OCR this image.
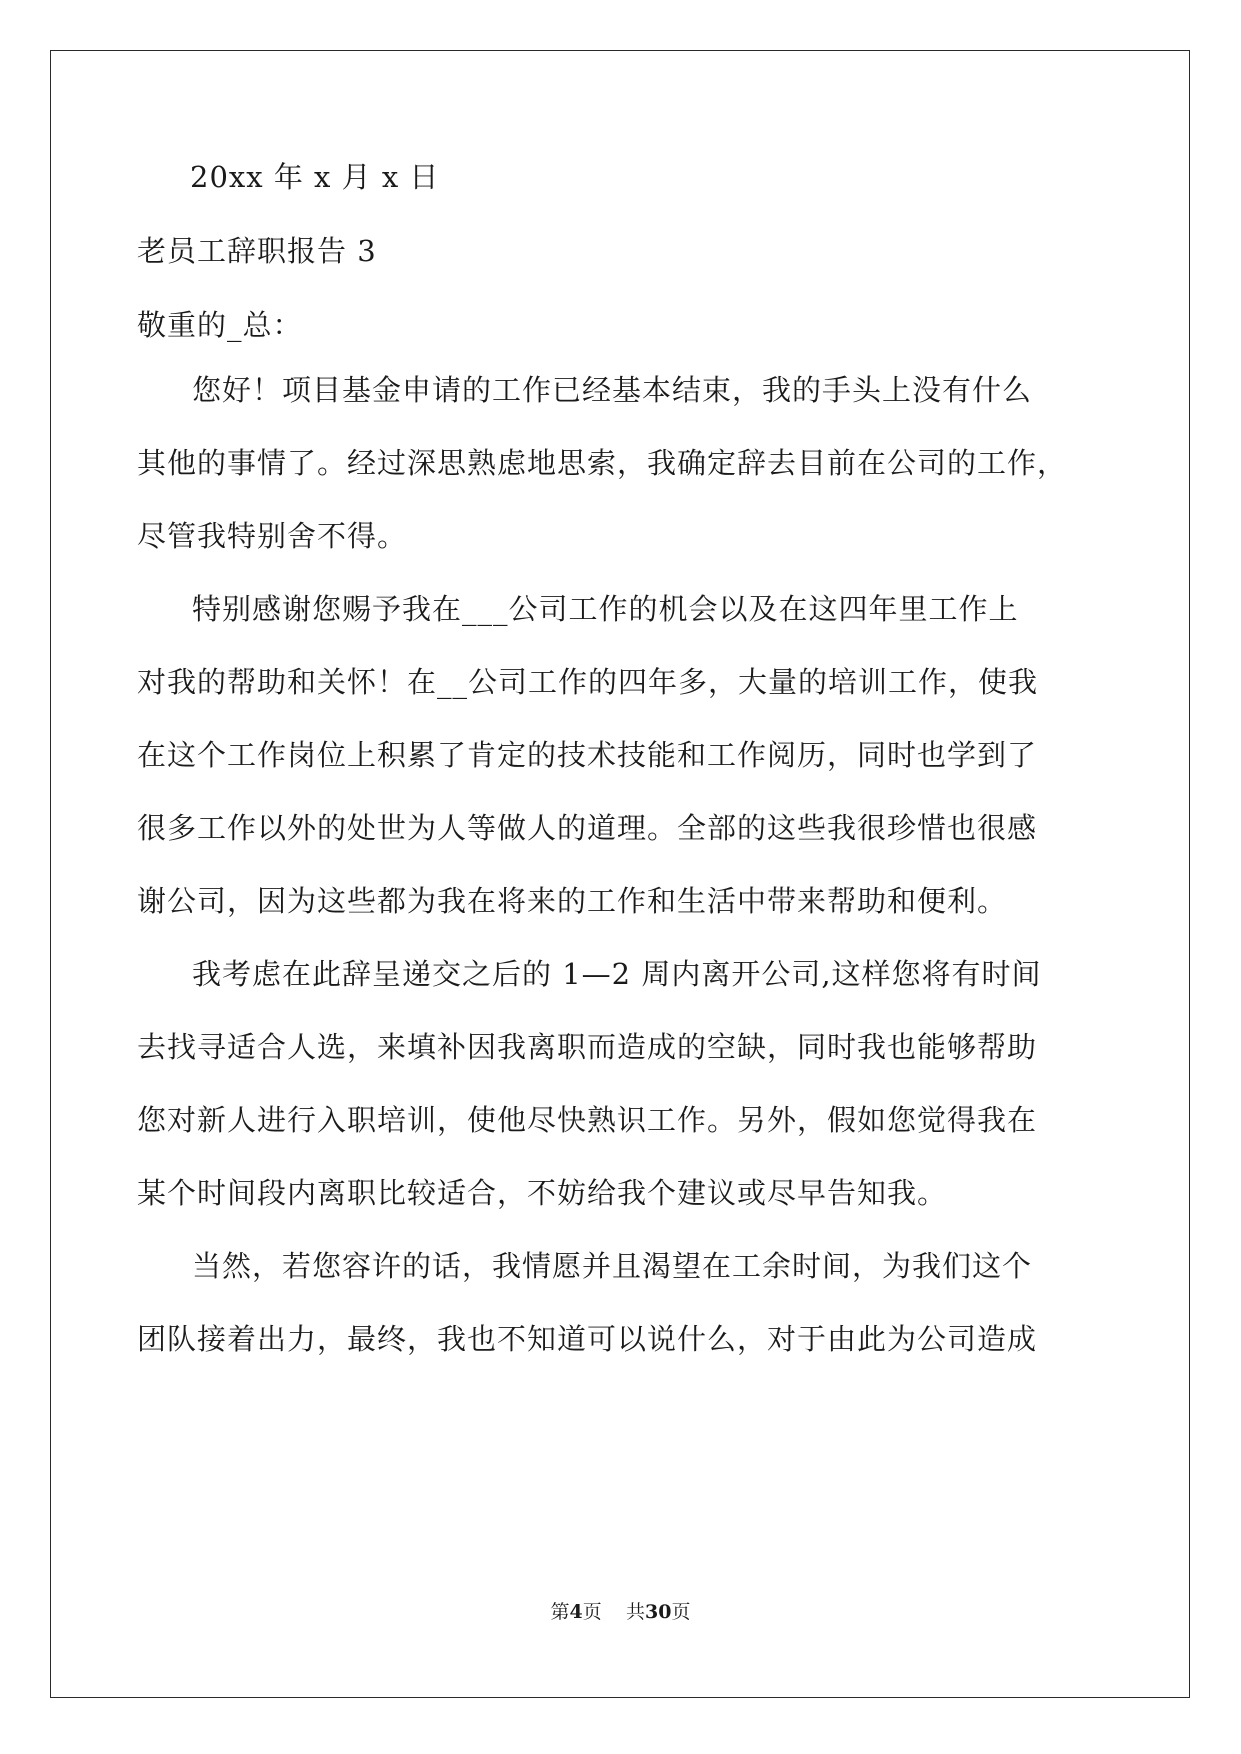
20xx 年 x 月 x 日

老员工辞职报告 3

敬重的_总：

您好！项目基金申请的工作已经基本结束，我的手头上没有什么

其他的事情了。经过深思熟虑地思索，我确定辞去目前在公司的工作，

尽管我特别舍不得。

特别感谢您赐予我在___公司工作的机会以及在这四年里工作上

对我的帮助和关怀！在__公司工作的四年多，大量的培训工作，使我

在这个工作岗位上积累了肯定的技术技能和工作阅历，同时也学到了

很多工作以外的处世为人等做人的道理。全部的这些我很珍惜也很感

谢公司，因为这些都为我在将来的工作和生活中带来帮助和便利。

我考虑在此辞呈递交之后的 1—2 周内离开公司,这样您将有时间

去找寻适合人选，来填补因我离职而造成的空缺，同时我也能够帮助

您对新人进行入职培训，使他尽快熟识工作。另外，假如您觉得我在

某个时间段内离职比较适合，不妨给我个建议或尽早告知我。

当然，若您容许的话，我情愿并且渴望在工余时间，为我们这个

团队接着出力，最终，我也不知道可以说什么，对于由此为公司造成

第4页 共30页
